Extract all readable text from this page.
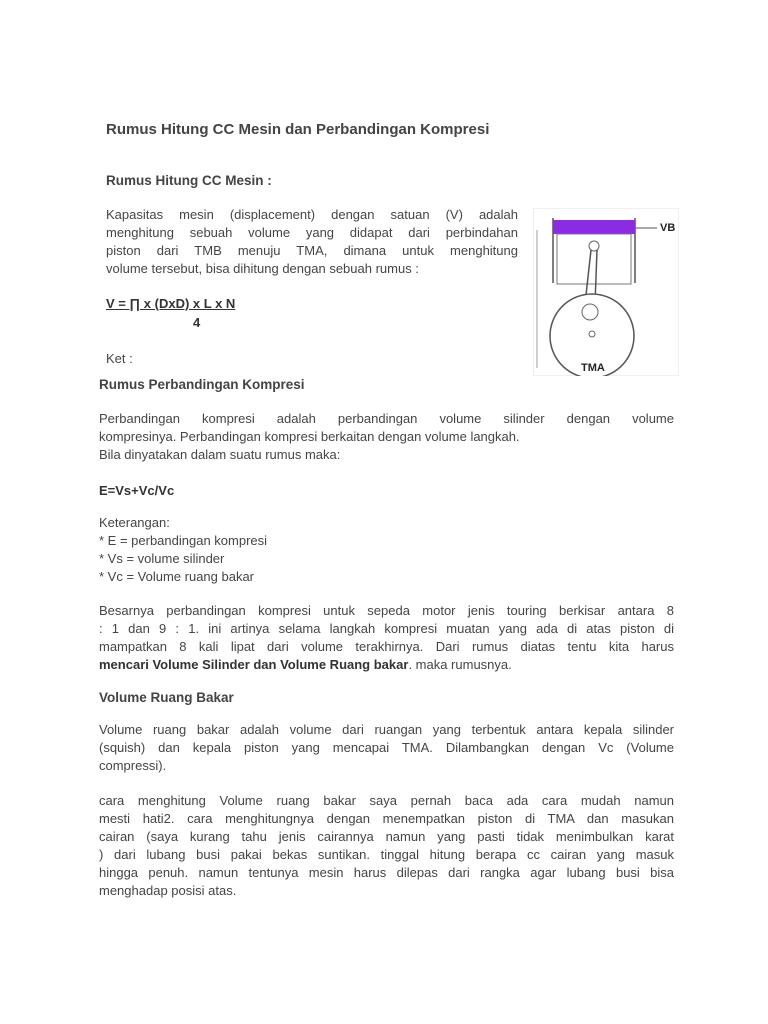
Rumus Hitung CC Mesin dan Perbandingan Kompresi
Rumus Hitung CC Mesin :
Kapasitas mesin (displacement) dengan satuan (V) adalah
menghitung sebuah volume yang didapat dari perbindahan
piston dari TMB menuju TMA, dimana untuk menghitung
volume tersebut, bisa dihitung dengan sebuah rumus :
V = ∏ x (DxD) x L x N
4
Ket :
VB
TMA
Rumus Perbandingan Kompresi
Perbandingan kompresi adalah perbandingan volume silinder dengan volume
kompresinya. Perbandingan kompresi berkaitan dengan volume langkah.
Bila dinyatakan dalam suatu rumus maka:
E=Vs+Vc/Vc
Keterangan:
* E = perbandingan kompresi
* Vs = volume silinder
* Vc = Volume ruang bakar
Besarnya perbandingan kompresi untuk sepeda motor jenis touring berkisar antara 8
: 1 dan 9 : 1. ini artinya selama langkah kompresi muatan yang ada di atas piston di
mampatkan 8 kali lipat dari volume terakhirnya. Dari rumus diatas tentu kita harus
mencari Volume Silinder dan Volume Ruang bakar. maka rumusnya.
Volume Ruang Bakar
Volume ruang bakar adalah volume dari ruangan yang terbentuk antara kepala silinder
(squish) dan kepala piston yang mencapai TMA. Dilambangkan dengan Vc (Volume
compressi).
cara menghitung Volume ruang bakar saya pernah baca ada cara mudah namun
mesti hati2. cara menghitungnya dengan menempatkan piston di TMA dan masukan
cairan (saya kurang tahu jenis cairannya namun yang pasti tidak menimbulkan karat
) dari lubang busi pakai bekas suntikan. tinggal hitung berapa cc cairan yang masuk
hingga penuh. namun tentunya mesin harus dilepas dari rangka agar lubang busi bisa
menghadap posisi atas.
